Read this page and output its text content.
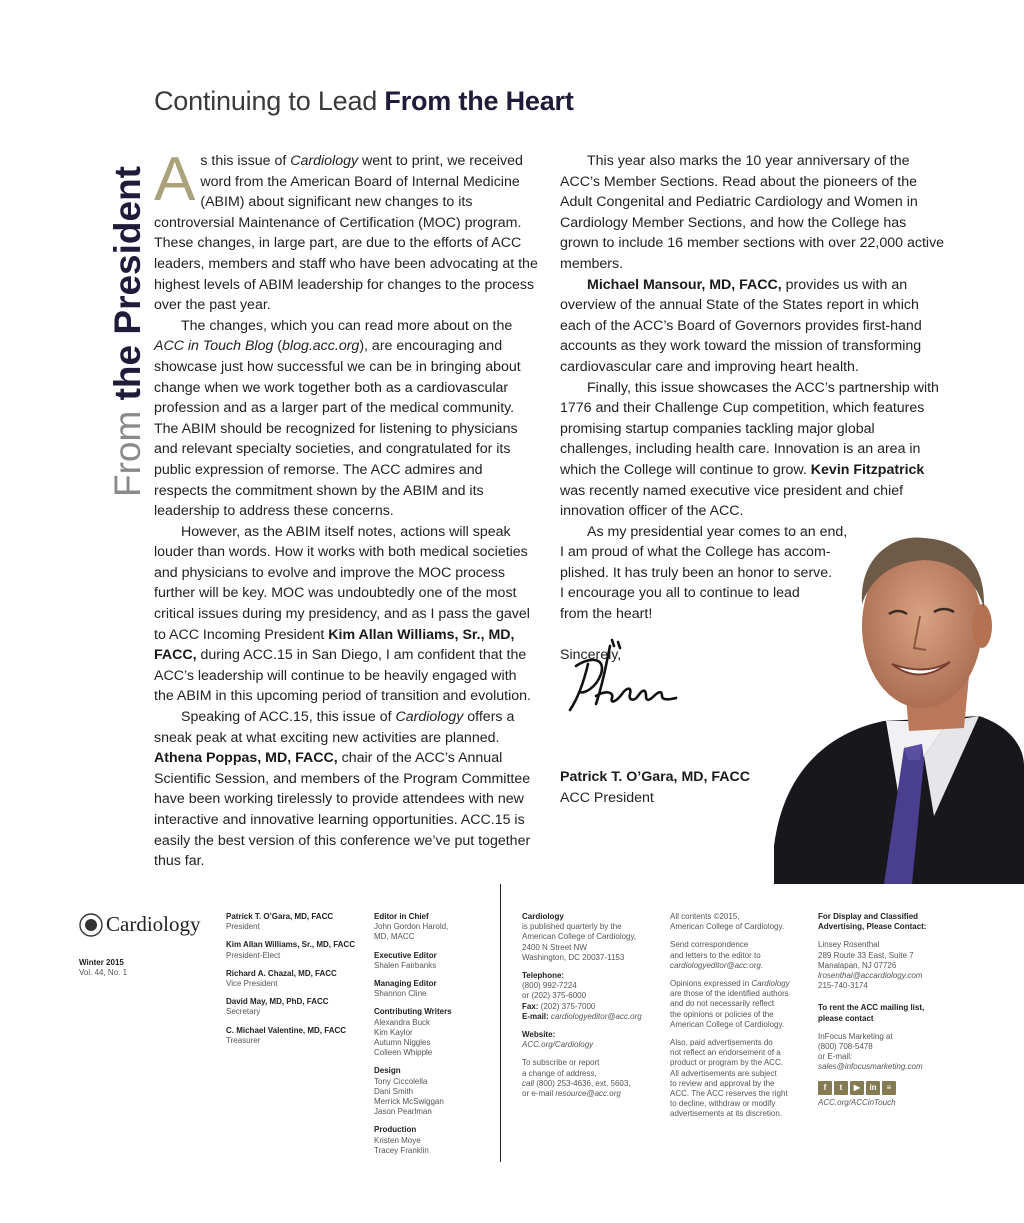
From the President
Continuing to Lead From the Heart

As this issue of Cardiology went to print, we received word from the American Board of Internal Medicine (ABIM) about significant new changes to its controversial Maintenance of Certification (MOC) program. These changes, in large part, are due to the efforts of ACC leaders, members and staff who have been advocating at the highest levels of ABIM leadership for changes to the process over the past year.

The changes, which you can read more about on the ACC in Touch Blog (blog.acc.org), are encouraging and showcase just how successful we can be in bringing about change when we work together both as a cardiovascular profession and as a larger part of the medical community. The ABIM should be recognized for listening to physicians and relevant specialty societies, and congratulated for its public expression of remorse. The ACC admires and respects the commitment shown by the ABIM and its leadership to address these concerns.

However, as the ABIM itself notes, actions will speak louder than words. How it works with both medical societies and physicians to evolve and improve the MOC process further will be key. MOC was undoubtedly one of the most critical issues during my presidency, and as I pass the gavel to ACC Incoming President Kim Allan Williams, Sr., MD, FACC, during ACC.15 in San Diego, I am confident that the ACC’s leadership will continue to be heavily engaged with the ABIM in this upcoming period of transition and evolution.

Speaking of ACC.15, this issue of Cardiology offers a sneak peak at what exciting new activities are planned. Athena Poppas, MD, FACC, chair of the ACC’s Annual Scientific Session, and members of the Program Committee have been working tirelessly to provide attendees with new interactive and innovative learning opportunities. ACC.15 is easily the best version of this conference we’ve put together thus far.

This year also marks the 10 year anniversary of the ACC’s Member Sections. Read about the pioneers of the Adult Congenital and Pediatric Cardiology and Women in Cardiology Member Sections, and how the College has grown to include 16 member sections with over 22,000 active members.

Michael Mansour, MD, FACC, provides us with an overview of the annual State of the States report in which each of the ACC’s Board of Governors provides first-hand accounts as they work toward the mission of transforming cardiovascular care and improving heart health.

Finally, this issue showcases the ACC’s partnership with 1776 and their Challenge Cup competition, which features promising startup companies tackling major global challenges, including health care. Innovation is an area in which the College will continue to grow. Kevin Fitzpatrick was recently named executive vice president and chief innovation officer of the ACC.

As my presidential year comes to an end,
I am proud of what the College has accom-
plished. It has truly been an honor to serve.
I encourage you all to continue to lead
from the heart!

Sincerely,

Patrick T. O’Gara, MD, FACC

ACC President

Cardiology
Winter 2015
Vol. 44, No. 1
Patrick T. O’Gara, MD, FACC
President
Kim Allan Williams, Sr., MD, FACC
President-Elect
Richard A. Chazal, MD, FACC
Vice President
David May, MD, PhD, FACC
Secretary
C. Michael Valentine, MD, FACC
Treasurer
Editor in Chief
John Gordon Harold,
MD, MACC
Executive Editor
Shalen Fairbanks
Managing Editor
Shannon Cline
Contributing Writers
Alexandra Buck
Kim Kaylor
Autumn Niggles
Colleen Whipple
Design
Tony Ciccolella
Dani Smith
Merrick McSwiggan
Jason Pearlman
Production
Kristen Moye
Tracey Franklin
Cardiology
is published quarterly by the
American College of Cardiology,
2400 N Street NW
Washington, DC 20037-1153
Telephone:
(800) 992-7224
or (202) 375-6000
Fax: (202) 375-7000
E-mail: cardiologyeditor@acc.org
Website:
ACC.org/Cardiology
To subscribe or report
a change of address,
call (800) 253-4636, ext. 5603,
or e-mail resource@acc.org
All contents ©2015,
American College of Cardiology.
Send correspondence
and letters to the editor to
cardiologyeditor@acc.org.
Opinions expressed in Cardiology
are those of the identified authors
and do not necessarily reflect
the opinions or policies of the
American College of Cardiology.
Also, paid advertisements do
not reflect an endorsement of a
product or program by the ACC.
All advertisements are subject
to review and approval by the
ACC. The ACC reserves the right
to decline, withdraw or modify
advertisements at its discretion.
For Display and Classified
Advertising, Please Contact:
Linsey Rosenthal
289 Route 33 East, Suite 7
Manalapan, NJ 07726
lrosenthal@accardiology.com
215-740-3174
To rent the ACC mailing list,
please contact
InFocus Marketing at
(800) 708-5478
or E-mail:
sales@infocusmarketing.com
f	t	▶	in	≡
ACC.org/ACCinTouch
